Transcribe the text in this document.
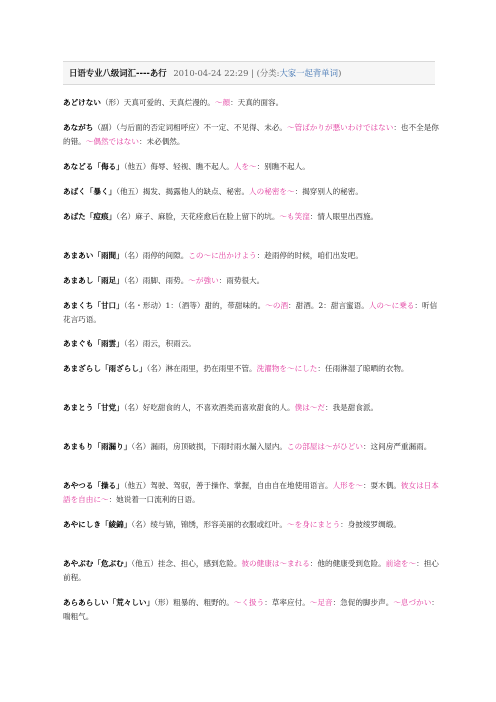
日语专业八级词汇----あ行 2010-04-24 22:29 | (分类:大家一起背单词)
あどけない（形）天真可爱的、天真烂漫的。～顔：天真的面容。
あながち（副）（与后面的否定词相呼应）不一定、不见得、未必。～管ばかりが悪いわけではない：也不全是你的错。～偶然ではない：未必偶然。
あなどる「侮る」（他五）侮辱、轻视、瞧不起人。人を～：别瞧不起人。
あばく「暴く」（他五）揭发、揭露他人的缺点、秘密。人の秘密を～：揭穿别人的秘密。
あばた「痘痕」（名）麻子、麻脸，天花痊愈后在脸上留下的坑。～も笑窪：情人眼里出西施。
あまあい「雨間」（名）雨停的间隙。この～に出かけよう：趁雨停的时候，咱们出发吧。
あまあし「雨足」（名）雨脚、雨势。～が強い：雨势很大。
あまくち「甘口」（名・形动）1：（酒等）甜的，带甜味的。～の酒：甜酒。2：甜言蜜语。人の～に乗る：听信花言巧语。
あまぐも「雨雲」（名）雨云，积雨云。
あまざらし「雨ざらし」（名）淋在雨里，扔在雨里不管。洗濯物を～にした：任雨淋湿了晾晒的衣物。
あまとう「甘党」（名）好吃甜食的人，不喜欢酒类而喜欢甜食的人。僕は～だ：我是甜食派。
あまもり「雨漏り」（名）漏雨，房顶破损，下雨时雨水漏入屋内。この部屋は～がひどい：这间房严重漏雨。
あやつる「操る」（他五）驾驶、驾驭，善于操作、掌握，自由自在地使用语言。人形を～：耍木偶。彼女は日本語を自由に～：她说着一口流利的日语。
あやにしき「綾錦」（名）绫与锦，锦绣，形容美丽的衣服或红叶。～を身にまとう：身披绫罗绸缎。
あやぶむ「危ぶむ」（他五）挂念、担心，感到危险。彼の健康は～まれる：他的健康受到危险。前途を～：担心前程。
あらあらしい「荒々しい」（形）粗暴的、粗野的。～く扱う：草率应付。～足音：急促的脚步声。～息づかい：喘粗气。
